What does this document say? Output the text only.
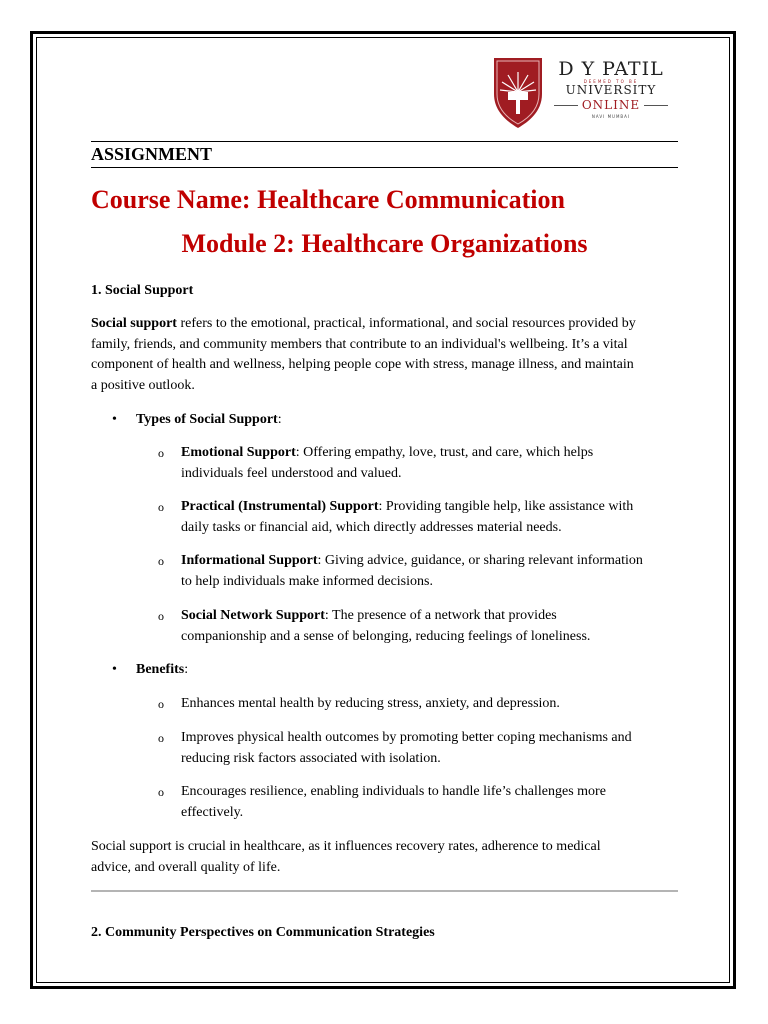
D Y PATIL
DEEMED TO BE
UNIVERSITY
ONLINE
NAVI MUMBAI
ASSIGNMENT
Course Name: Healthcare Communication
Module 2: Healthcare Organizations
1. Social Support

Social support refers to the emotional, practical, informational, and social resources provided by
family, friends, and community members that contribute to an individual's wellbeing. It’s a vital
component of health and wellness, helping people cope with stress, manage illness, and maintain
a positive outlook.

• Types of Social Support:
o Emotional Support: Offering empathy, love, trust, and care, which helps
individuals feel understood and valued.
o Practical (Instrumental) Support: Providing tangible help, like assistance with
daily tasks or financial aid, which directly addresses material needs.
o Informational Support: Giving advice, guidance, or sharing relevant information
to help individuals make informed decisions.
o Social Network Support: The presence of a network that provides
companionship and a sense of belonging, reducing feelings of loneliness.
• Benefits:
o Enhances mental health by reducing stress, anxiety, and depression.
o Improves physical health outcomes by promoting better coping mechanisms and
reducing risk factors associated with isolation.
o Encourages resilience, enabling individuals to handle life’s challenges more
effectively.

Social support is crucial in healthcare, as it influences recovery rates, adherence to medical
advice, and overall quality of life.

2. Community Perspectives on Communication Strategies
